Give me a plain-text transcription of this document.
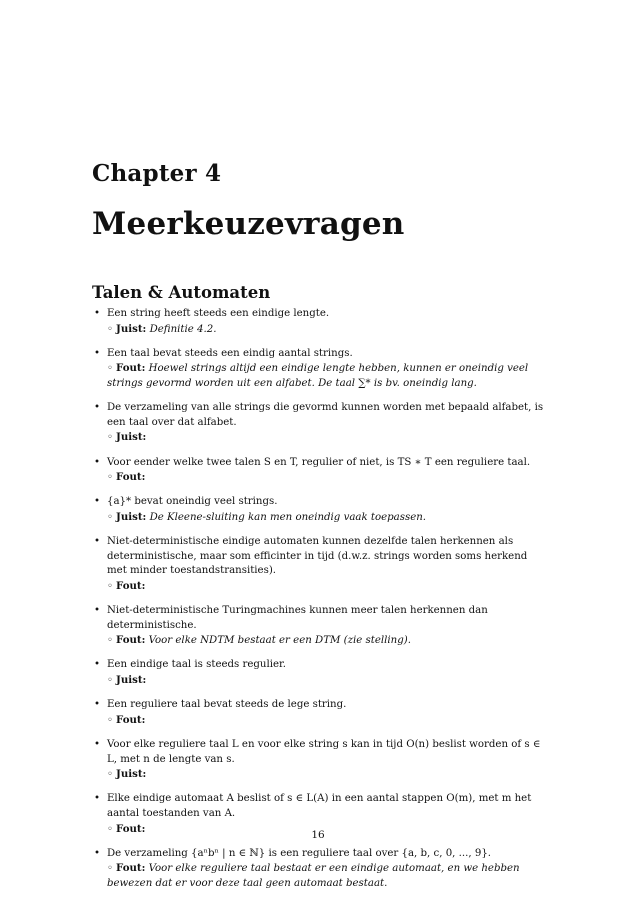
Chapter 4
Meerkeuzevragen
Talen & Automaten
• Een string heeft steeds een eindige lengte.
◦ Juist: Definitie 4.2.
• Een taal bevat steeds een eindig aantal strings.
◦ Fout: Hoewel strings altijd een eindige lengte hebben, kunnen er oneindig veel strings gevormd worden uit een alfabet. De taal ∑* is bv. oneindig lang.
• De verzameling van alle strings die gevormd kunnen worden met bepaald alfabet, is een taal over dat alfabet.
◦ Juist:
• Voor eender welke twee talen S en T, regulier of niet, is TS ∗ T een reguliere taal.
◦ Fout:
• {a}* bevat oneindig veel strings.
◦ Juist: De Kleene-sluiting kan men oneindig vaak toepassen.
• Niet-deterministische eindige automaten kunnen dezelfde talen herkennen als deterministische, maar som efficinter in tijd (d.w.z. strings worden soms herkend met minder toestandstransities).
◦ Fout:
• Niet-deterministische Turingmachines kunnen meer talen herkennen dan deterministische.
◦ Fout: Voor elke NDTM bestaat er een DTM (zie stelling).
• Een eindige taal is steeds regulier.
◦ Juist:
• Een reguliere taal bevat steeds de lege string.
◦ Fout:
• Voor elke reguliere taal L en voor elke string s kan in tijd O(n) beslist worden of s ∈ L, met n de lengte van s.
◦ Juist:
• Elke eindige automaat A beslist of s ∈ L(A) in een aantal stappen O(m), met m het aantal toestanden van A.
◦ Fout:
• De verzameling {aⁿbⁿ | n ∈ ℕ} is een reguliere taal over {a, b, c, 0, ..., 9}.
◦ Fout: Voor elke reguliere taal bestaat er een eindige automaat, en we hebben bewezen dat er voor deze taal geen automaat bestaat.
16
